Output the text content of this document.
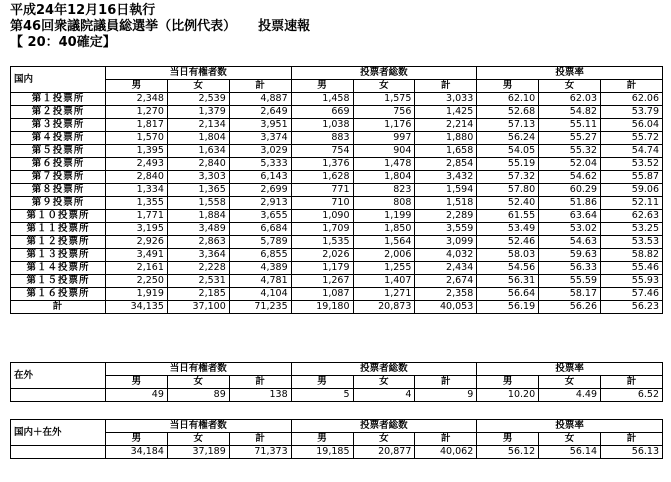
平成24年12月16日執行
第46回衆議院議員総選挙（比例代表） 投票速報
【 20：40確定】
国内	当日有権者数			投票者総数			投票率		
	男	女	計	男	女	計	男	女	計
第１投票所	2,348	2,539	4,887	1,458	1,575	3,033	62.10	62.03	62.06
第２投票所	1,270	1,379	2,649	669	756	1,425	52.68	54.82	53.79
第３投票所	1,817	2,134	3,951	1,038	1,176	2,214	57.13	55.11	56.04
第４投票所	1,570	1,804	3,374	883	997	1,880	56.24	55.27	55.72
第５投票所	1,395	1,634	3,029	754	904	1,658	54.05	55.32	54.74
第６投票所	2,493	2,840	5,333	1,376	1,478	2,854	55.19	52.04	53.52
第７投票所	2,840	3,303	6,143	1,628	1,804	3,432	57.32	54.62	55.87
第８投票所	1,334	1,365	2,699	771	823	1,594	57.80	60.29	59.06
第９投票所	1,355	1,558	2,913	710	808	1,518	52.40	51.86	52.11
第１０投票所	1,771	1,884	3,655	1,090	1,199	2,289	61.55	63.64	62.63
第１１投票所	3,195	3,489	6,684	1,709	1,850	3,559	53.49	53.02	53.25
第１２投票所	2,926	2,863	5,789	1,535	1,564	3,099	52.46	54.63	53.53
第１３投票所	3,491	3,364	6,855	2,026	2,006	4,032	58.03	59.63	58.82
第１４投票所	2,161	2,228	4,389	1,179	1,255	2,434	54.56	56.33	55.46
第１５投票所	2,250	2,531	4,781	1,267	1,407	2,674	56.31	55.59	55.93
第１６投票所	1,919	2,185	4,104	1,087	1,271	2,358	56.64	58.17	57.46
計	34,135	37,100	71,235	19,180	20,873	40,053	56.19	56.26	56.23
在外	当日有権者数			投票者総数			投票率		
	男	女	計	男	女	計	男	女	計
	49	89	138	5	4	9	10.20	4.49	6.52
国内＋在外	当日有権者数			投票者総数			投票率		
	男	女	計	男	女	計	男	女	計
	34,184	37,189	71,373	19,185	20,877	40,062	56.12	56.14	56.13
